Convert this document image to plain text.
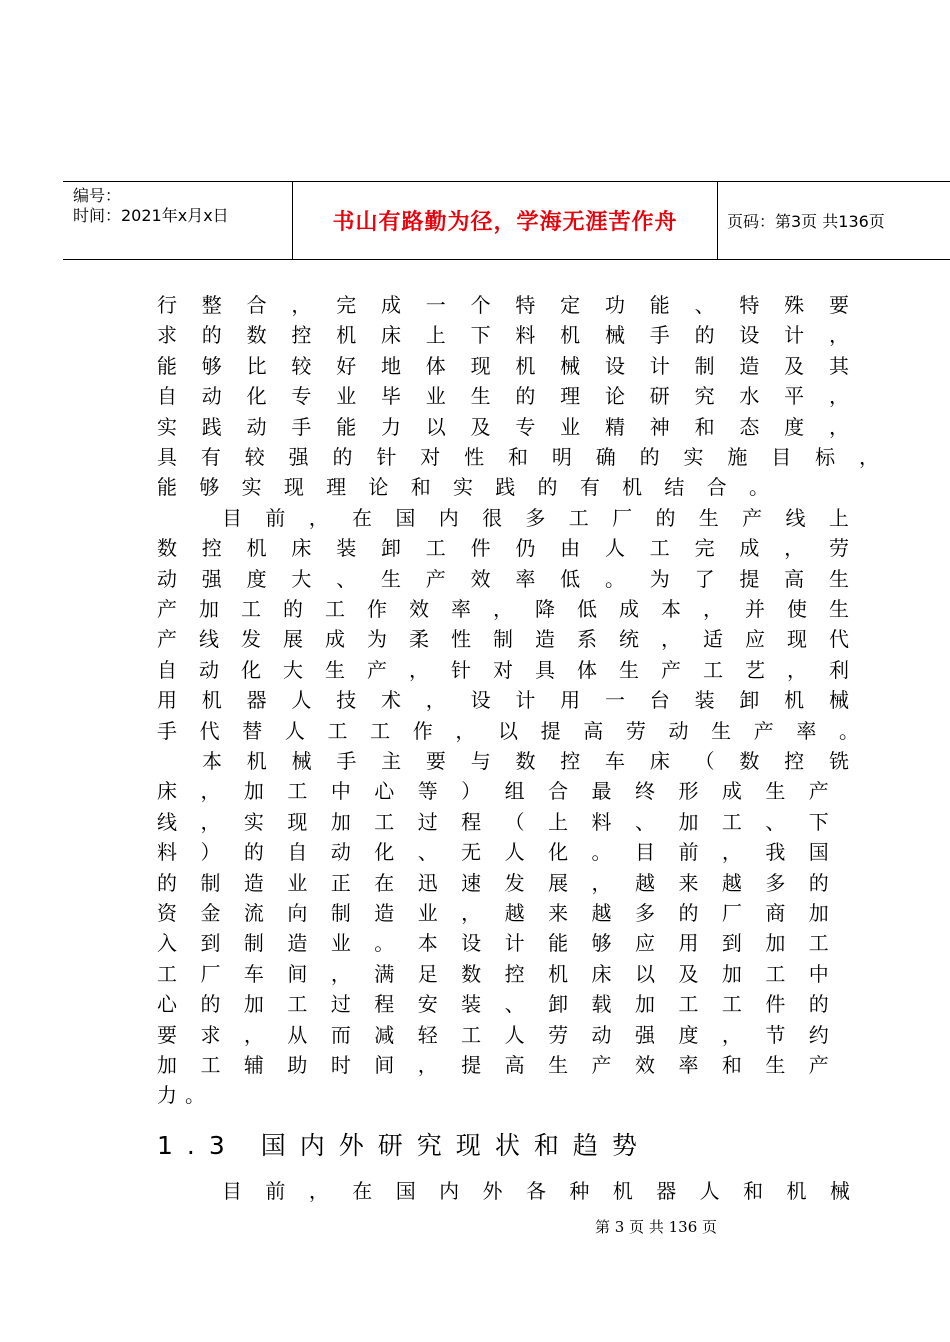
编号：
时间：2021年x月x日	书山有路勤为径，学海无涯苦作舟	页码：第3页 共136页
行 整 合 ， 完 成 一 个 特 定 功 能 、 特 殊 要
求 的 数 控 机 床 上 下 料 机 械 手 的 设 计 ，
能 够 比 较 好 地 体 现 机 械 设 计 制 造 及 其
自 动 化 专 业 毕 业 生 的 理 论 研 究 水 平 ，
实 践 动 手 能 力 以 及 专 业 精 神 和 态 度 ，
具 有 较 强 的 针 对 性 和 明 确 的 实 施 目 标 ，
能 够 实 现 理 论 和 实 践 的 有 机 结 合 。
目 前 ， 在 国 内 很 多 工 厂 的 生 产 线 上
数 控 机 床 装 卸 工 件 仍 由 人 工 完 成 ， 劳
动 强 度 大 、 生 产 效 率 低 。 为 了 提 高 生
产 加 工 的 工 作 效 率 ， 降 低 成 本 ， 并 使 生
产 线 发 展 成 为 柔 性 制 造 系 统 ， 适 应 现 代
自 动 化 大 生 产 ， 针 对 具 体 生 产 工 艺 ， 利
用 机 器 人 技 术 ， 设 计 用 一 台 装 卸 机 械
手 代 替 人 工 工 作 ， 以 提 高 劳 动 生 产 率 。
本 机 械 手 主 要 与 数 控 车 床 （ 数 控 铣
床 ， 加 工 中 心 等 ） 组 合 最 终 形 成 生 产
线 ， 实 现 加 工 过 程 （ 上 料 、 加 工 、 下
料 ） 的 自 动 化 、 无 人 化 。 目 前 ， 我 国
的 制 造 业 正 在 迅 速 发 展 ， 越 来 越 多 的
资 金 流 向 制 造 业 ， 越 来 越 多 的 厂 商 加
入 到 制 造 业 。 本 设 计 能 够 应 用 到 加 工
工 厂 车 间 ， 满 足 数 控 机 床 以 及 加 工 中
心 的 加 工 过 程 安 装 、 卸 载 加 工 工 件 的
要 求 ， 从 而 减 轻 工 人 劳 动 强 度 ， 节 约
加 工 辅 助 时 间 ， 提 高 生 产 效 率 和 生 产
力 。
1 . 3
国 内 外 研 究 现 状 和 趋 势
目 前 ， 在 国 内 外 各 种 机 器 人 和 机 械
第 3 页 共 136 页
